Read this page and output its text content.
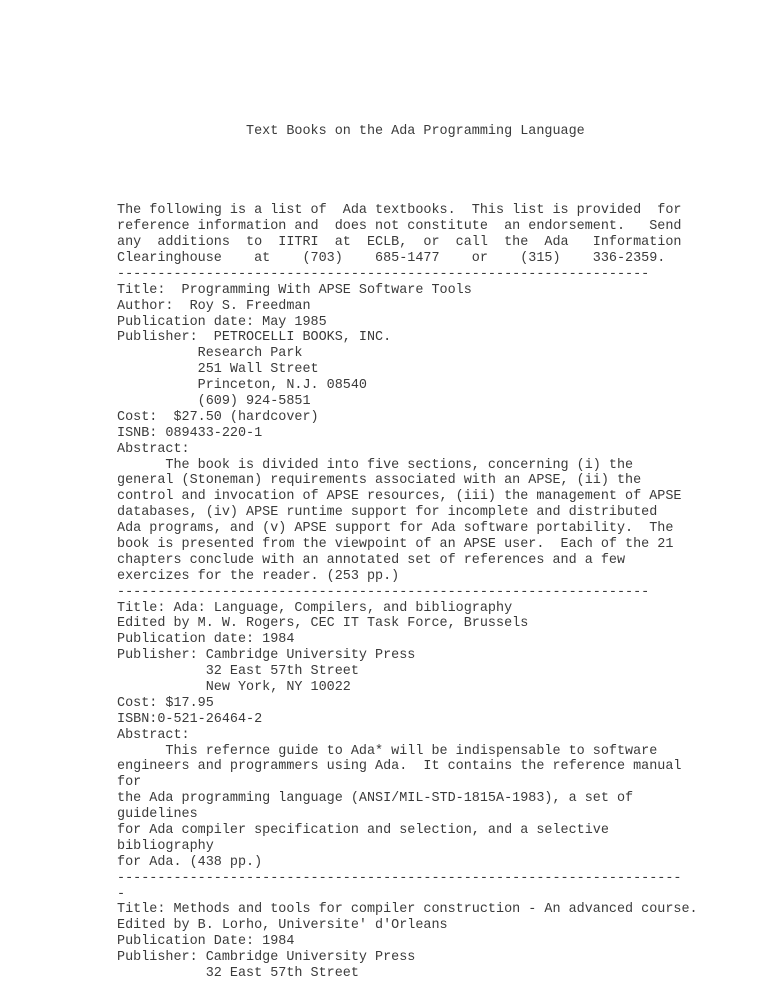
Text Books on the Ada Programming Language

The following is a list of  Ada textbooks.  This list is provided  for
reference information and  does not constitute  an endorsement.   Send
any  additions  to  IITRI  at  ECLB,  or  call  the  Ada   Information
Clearinghouse    at    (703)    685-1477    or    (315)    336-2359.
------------------------------------------------------------------
Title:  Programming With APSE Software Tools
Author:  Roy S. Freedman
Publication date: May 1985
Publisher:  PETROCELLI BOOKS, INC.
Research Park
251 Wall Street
Princeton, N.J. 08540
(609) 924-5851
Cost:  $27.50 (hardcover)
ISNB: 089433-220-1
Abstract:
The book is divided into five sections, concerning (i) the
general (Stoneman) requirements associated with an APSE, (ii) the
control and invocation of APSE resources, (iii) the management of APSE
databases, (iv) APSE runtime support for incomplete and distributed
Ada programs, and (v) APSE support for Ada software portability.  The
book is presented from the viewpoint of an APSE user.  Each of the 21
chapters conclude with an annotated set of references and a few
exercizes for the reader. (253 pp.)
------------------------------------------------------------------
Title: Ada: Language, Compilers, and bibliography
Edited by M. W. Rogers, CEC IT Task Force, Brussels
Publication date: 1984
Publisher: Cambridge University Press
32 East 57th Street
New York, NY 10022
Cost: $17.95
ISBN:0-521-26464-2
Abstract:
This refernce guide to Ada* will be indispensable to software
engineers and programmers using Ada.  It contains the reference manual
for
the Ada programming language (ANSI/MIL-STD-1815A-1983), a set of
guidelines
for Ada compiler specification and selection, and a selective
bibliography
for Ada. (438 pp.)
----------------------------------------------------------------------
-
Title: Methods and tools for compiler construction - An advanced course.
Edited by B. Lorho, Universite' d'Orleans
Publication Date: 1984
Publisher: Cambridge University Press
32 East 57th Street
